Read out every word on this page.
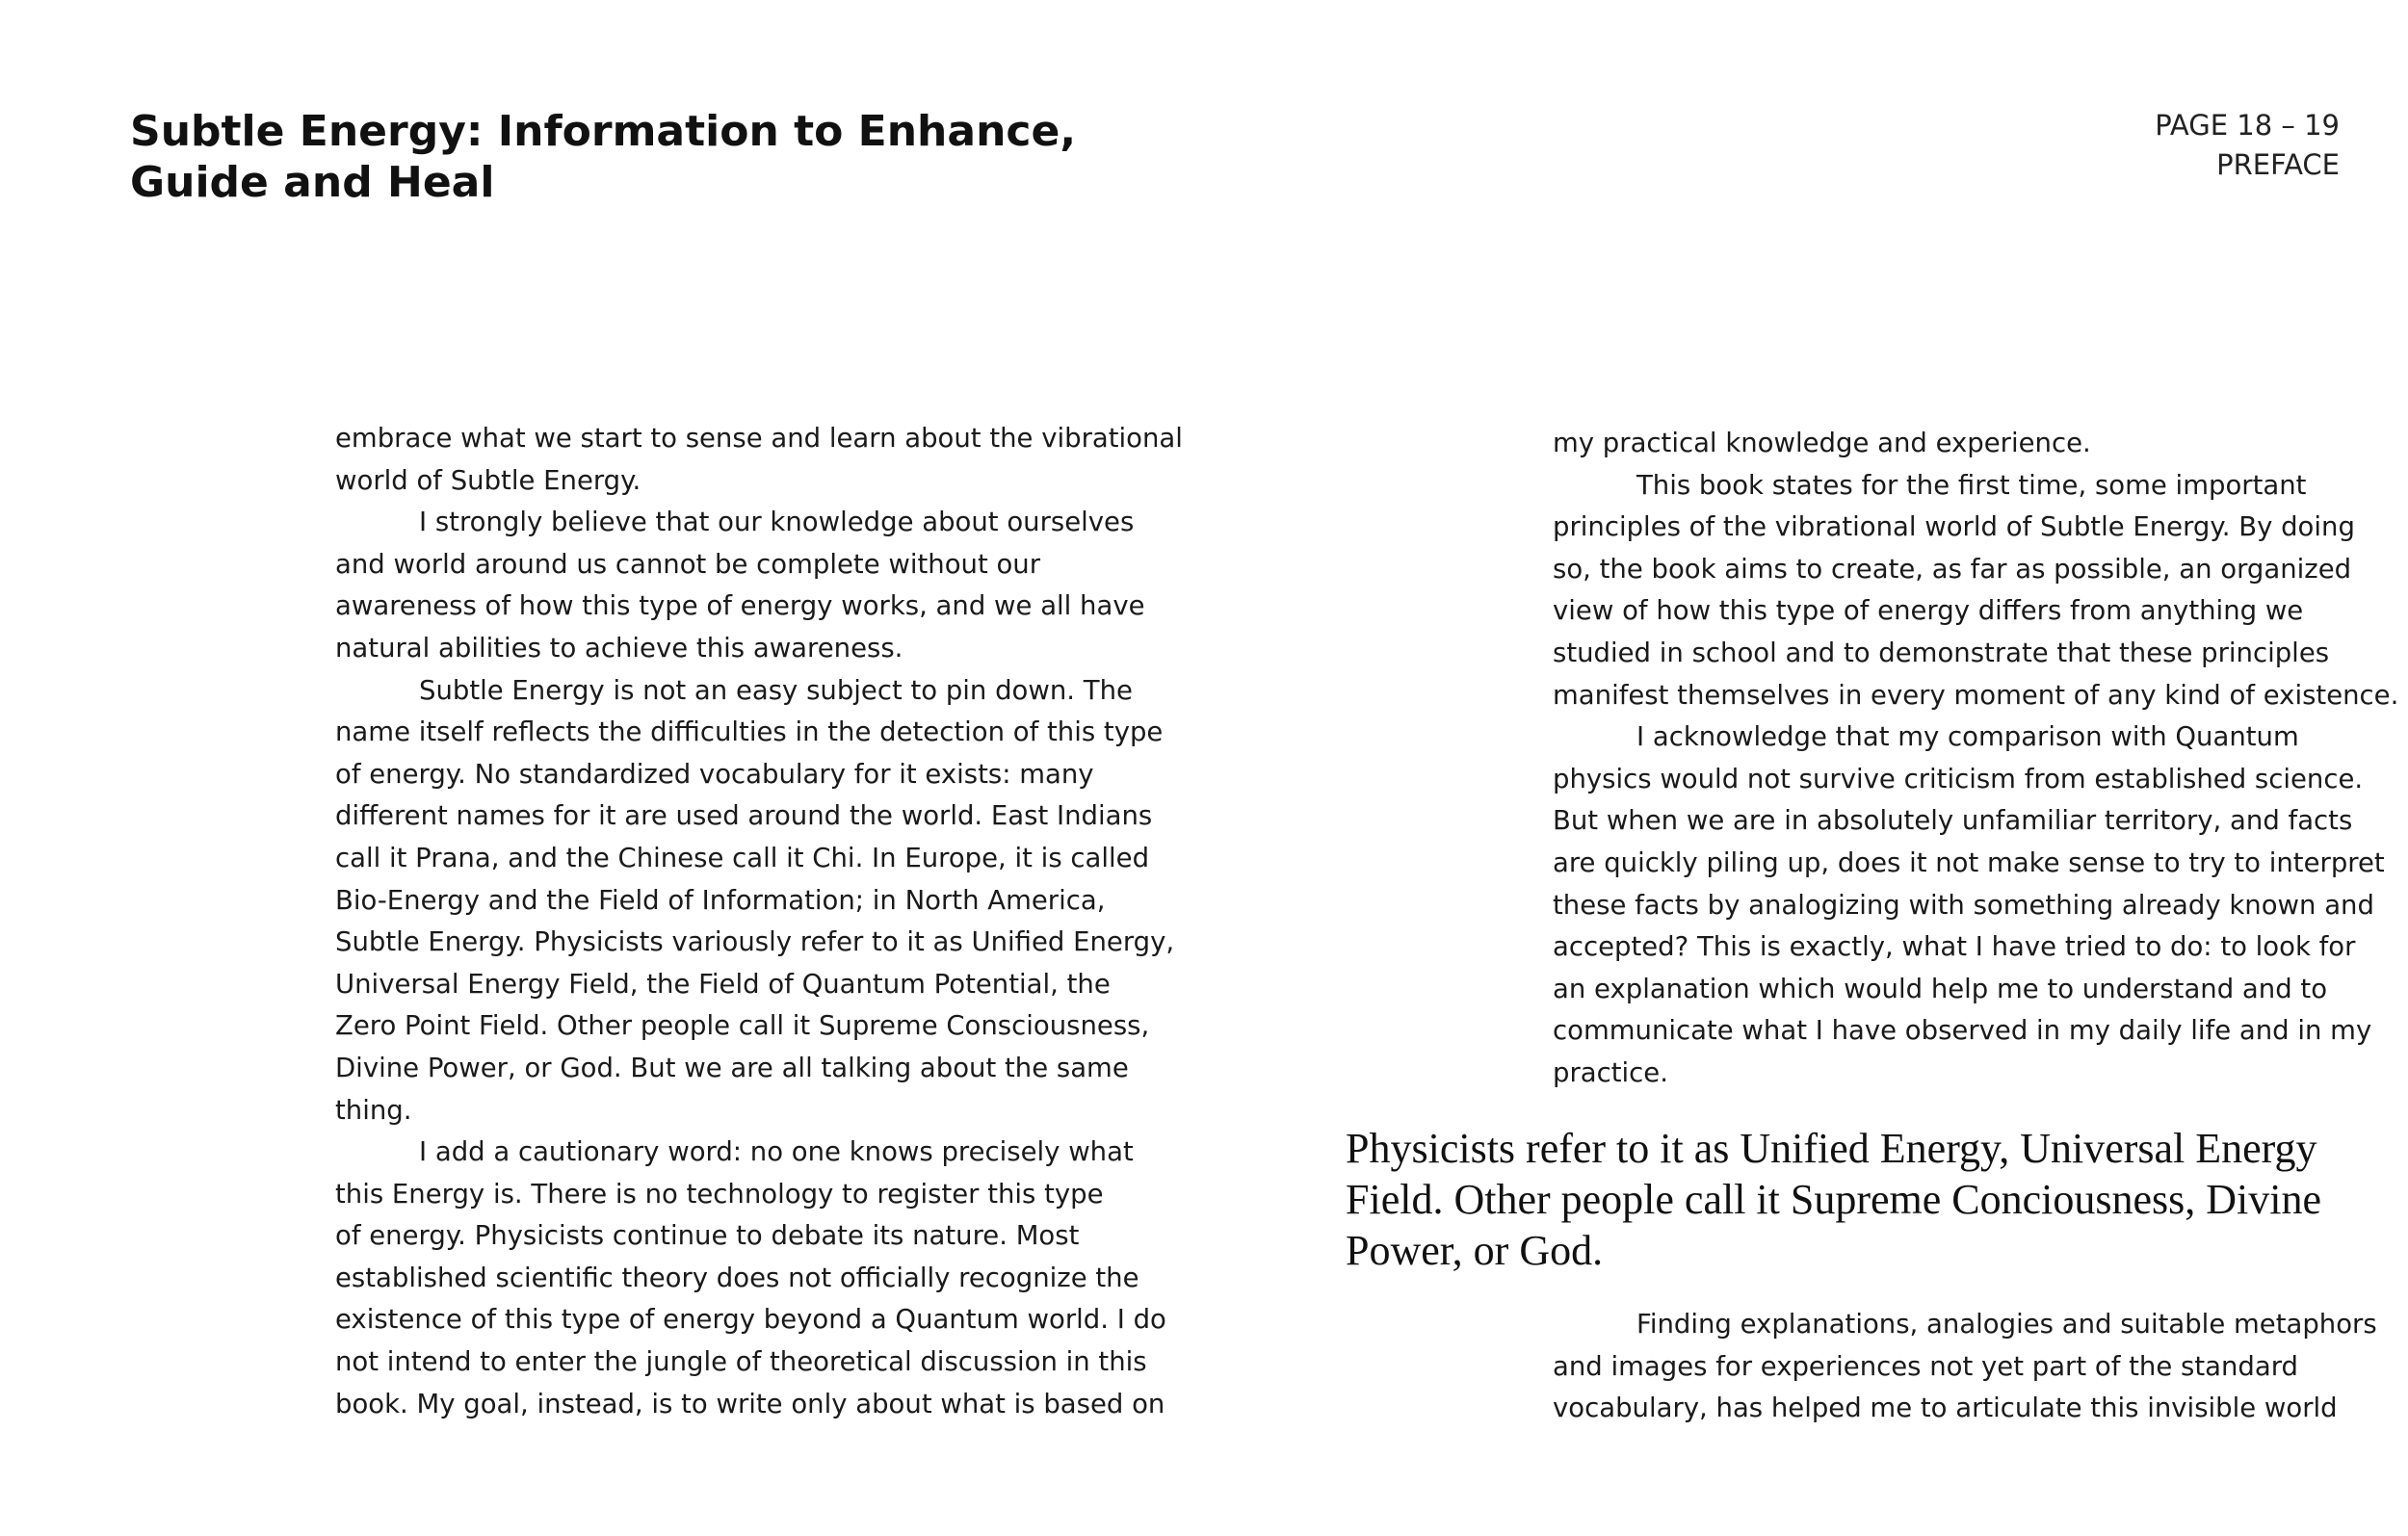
Subtle Energy: Information to Enhance,
Guide and Heal
PAGE 18 – 19
PREFACE
embrace what we start to sense and learn about the vibrational
world of Subtle Energy.
I strongly believe that our knowledge about ourselves
and world around us cannot be complete without our
awareness of how this type of energy works, and we all have
natural abilities to achieve this awareness.
Subtle Energy is not an easy subject to pin down. The
name itself reflects the difficulties in the detection of this type
of energy. No standardized vocabulary for it exists: many
different names for it are used around the world. East Indians
call it Prana, and the Chinese call it Chi. In Europe, it is called
Bio-Energy and the Field of Information; in North America,
Subtle Energy. Physicists variously refer to it as Unified Energy,
Universal Energy Field, the Field of Quantum Potential, the
Zero Point Field. Other people call it Supreme Consciousness,
Divine Power, or God. But we are all talking about the same
thing.
I add a cautionary word: no one knows precisely what
this Energy is. There is no technology to register this type
of energy. Physicists continue to debate its nature. Most
established scientific theory does not officially recognize the
existence of this type of energy beyond a Quantum world. I do
not intend to enter the jungle of theoretical discussion in this
book. My goal, instead, is to write only about what is based on
my practical knowledge and experience.
This book states for the first time, some important
principles of the vibrational world of Subtle Energy. By doing
so, the book aims to create, as far as possible, an organized
view of how this type of energy differs from anything we
studied in school and to demonstrate that these principles
manifest themselves in every moment of any kind of existence.
I acknowledge that my comparison with Quantum
physics would not survive criticism from established science.
But when we are in absolutely unfamiliar territory, and facts
are quickly piling up, does it not make sense to try to interpret
these facts by analogizing with something already known and
accepted? This is exactly, what I have tried to do: to look for
an explanation which would help me to understand and to
communicate what I have observed in my daily life and in my
practice.
Physicists refer to it as Unified Energy, Universal Energy
Field. Other people call it Supreme Conciousness, Divine
Power, or God.
Finding explanations, analogies and suitable metaphors
and images for experiences not yet part of the standard
vocabulary, has helped me to articulate this invisible world
